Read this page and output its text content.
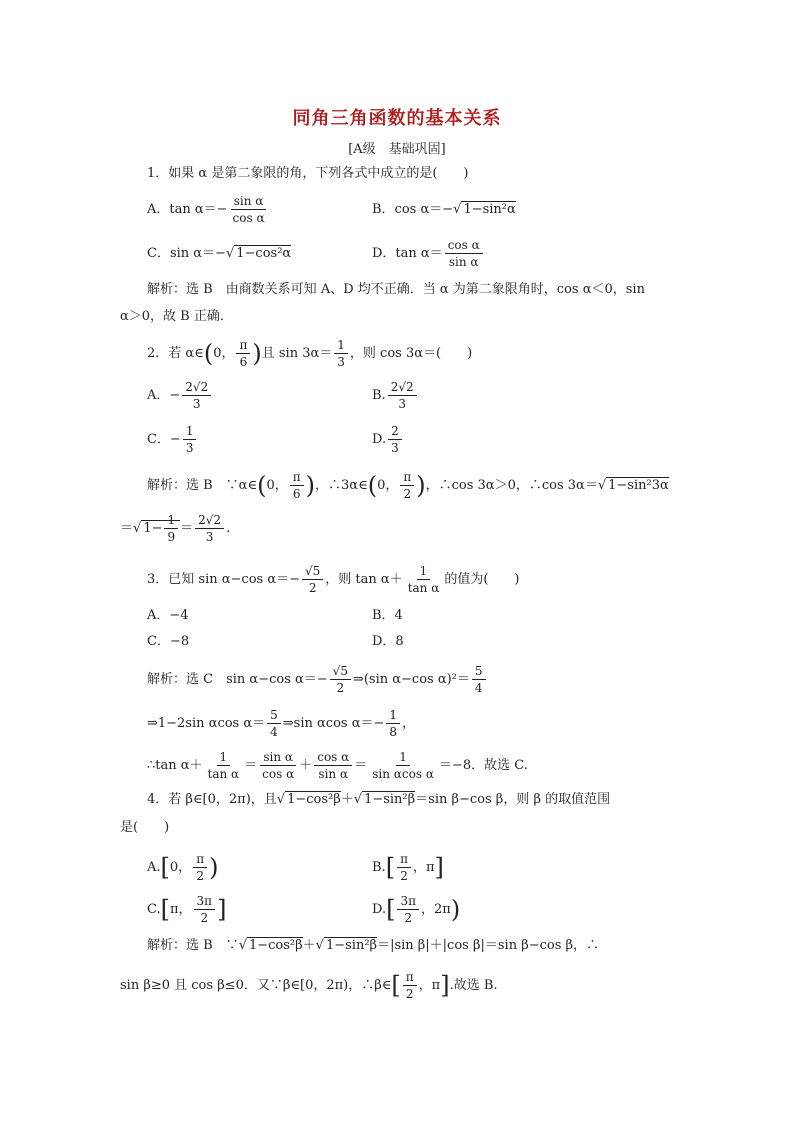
同角三角函数的基本关系
[A级　基础巩固]
1．如果 α 是第二象限的角，下列各式中成立的是(　　)
A．$\tan \alpha=- \frac{\text{sin α}}{\text{cos α}}$	B．cos α＝−√ 1−sin²α
C．sin α＝−√ 1−cos²α	D．$\tan \alpha= \frac{\text{cos α}}{\text{sin α}}$
解析：选 B　由商数关系可知 A、D 均不正确．当 α 为第二象限角时，cos α＜0，sin
α＞0，故 B 正确．
2．若 α∈(0， $\frac{\pi}{6}$ )且 $\sin 3\alpha= \frac{1}{3}$ ，则 cos 3α＝(　　)
A．− $\frac{2√2}{3}$	B. $\frac{2√2}{3}$
C．− $\frac{1}{3}$	D. $\frac{2}{3}$
解析：选 B　∵α∈(0， $\frac{\pi}{6}$ )，∴3α∈(0， $\frac{\pi}{2}$ )，∴cos 3α＞0，∴cos 3α＝√ 1−sin²3α
＝√ $1- \frac{1}{9} = \frac{2√2}{3}$ .
3．已知 sin α−cos $\alpha=- \frac{√5}{2}$ ，则 $\tan \alpha+ \frac{1}{\text{tan α}}$ 的值为(　　)
A．−4	B．4
C．−8	D．8
解析：选 C　sin α−cos $\alpha=- \frac{√5}{2}$ ⇒(sin α−cos $\alpha)^2= \frac{5}{4}$
⇒1−2sin αcos $\alpha= \frac{5}{4}$ ⇒sin αcos $\alpha=- \frac{1}{8}$ ，
∴tan $\alpha+ \frac{1}{\text{tan α}} = \frac{\text{sin α}}{\text{cos α}} + \frac{\text{cos α}}{\text{sin α}} = \frac{1}{\text{sin αcos α}} =-8$．故选 C.
4．若 β∈[0，2π)，且√ 1−cos²β＋√ 1−sin²β＝sin β−cos β，则 β 的取值范围
是(　　)
A.[0， $\frac{\pi}{2}$ )	$B.[ \frac{\pi}{2}$ ，π]
C.[π， $\frac{3\pi}{2}$ ]	$D.[ \frac{3\pi}{2}$ ，2π)
解析：选 B　∵√ 1−cos²β＋√ 1−sin²β＝|sin β|＋|cos β|＝sin β−cos β，∴
sin β≥0 且 cos β≤0．又∵β∈[0，2π)，∴β∈[ $\frac{\pi}{2}$ ，π].故选 B.
